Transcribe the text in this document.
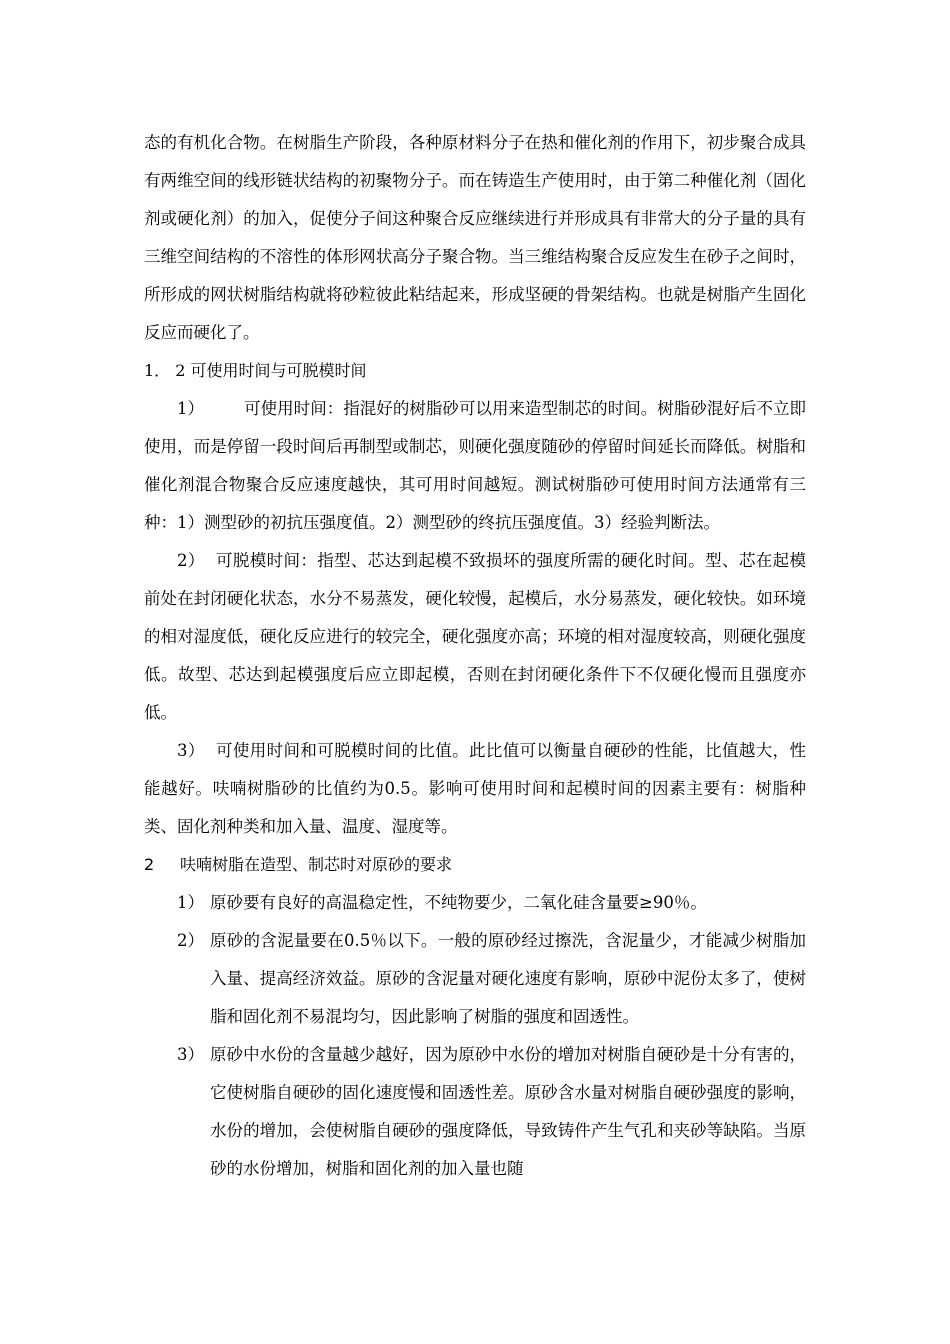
态的有机化合物。在树脂生产阶段，各种原材料分子在热和催化剂的作用下，初步聚合成具有两维空间的线形链状结构的初聚物分子。而在铸造生产使用时，由于第二种催化剂（固化剂或硬化剂）的加入，促使分子间这种聚合反应继续进行并形成具有非常大的分子量的具有三维空间结构的不溶性的体形网状高分子聚合物。当三维结构聚合反应发生在砂子之间时，所形成的网状树脂结构就将砂粒彼此粘结起来，形成坚硬的骨架结构。也就是树脂产生固化反应而硬化了。

1． 2 可使用时间与可脱模时间

1） 可使用时间：指混好的树脂砂可以用来造型制芯的时间。树脂砂混好后不立即使用，而是停留一段时间后再制型或制芯，则硬化强度随砂的停留时间延长而降低。树脂和催化剂混合物聚合反应速度越快，其可用时间越短。测试树脂砂可使用时间方法通常有三种：1）测型砂的初抗压强度值。2）测型砂的终抗压强度值。3）经验判断法。

2） 可脱模时间：指型、芯达到起模不致损坏的强度所需的硬化时间。型、芯在起模前处在封闭硬化状态，水分不易蒸发，硬化较慢，起模后，水分易蒸发，硬化较快。如环境的相对湿度低，硬化反应进行的较完全，硬化强度亦高；环境的相对湿度较高，则硬化强度低。故型、芯达到起模强度后应立即起模，否则在封闭硬化条件下不仅硬化慢而且强度亦低。

3） 可使用时间和可脱模时间的比值。此比值可以衡量自硬砂的性能，比值越大，性能越好。呋喃树脂砂的比值约为0.5。影响可使用时间和起模时间的因素主要有：树脂种类、固化剂种类和加入量、温度、湿度等。

2 呋喃树脂在造型、制芯时对原砂的要求

1） 原砂要有良好的高温稳定性，不纯物要少，二氧化硅含量要≥90％。
2） 原砂的含泥量要在0.5％以下。一般的原砂经过擦洗，含泥量少，才能减少树脂加入量、提高经济效益。原砂的含泥量对硬化速度有影响，原砂中泥份太多了，使树脂和固化剂不易混均匀，因此影响了树脂的强度和固透性。
3） 原砂中水份的含量越少越好，因为原砂中水份的增加对树脂自硬砂是十分有害的，它使树脂自硬砂的固化速度慢和固透性差。原砂含水量对树脂自硬砂强度的影响，水份的增加，会使树脂自硬砂的强度降低，导致铸件产生气孔和夹砂等缺陷。当原砂的水份增加，树脂和固化剂的加入量也随
